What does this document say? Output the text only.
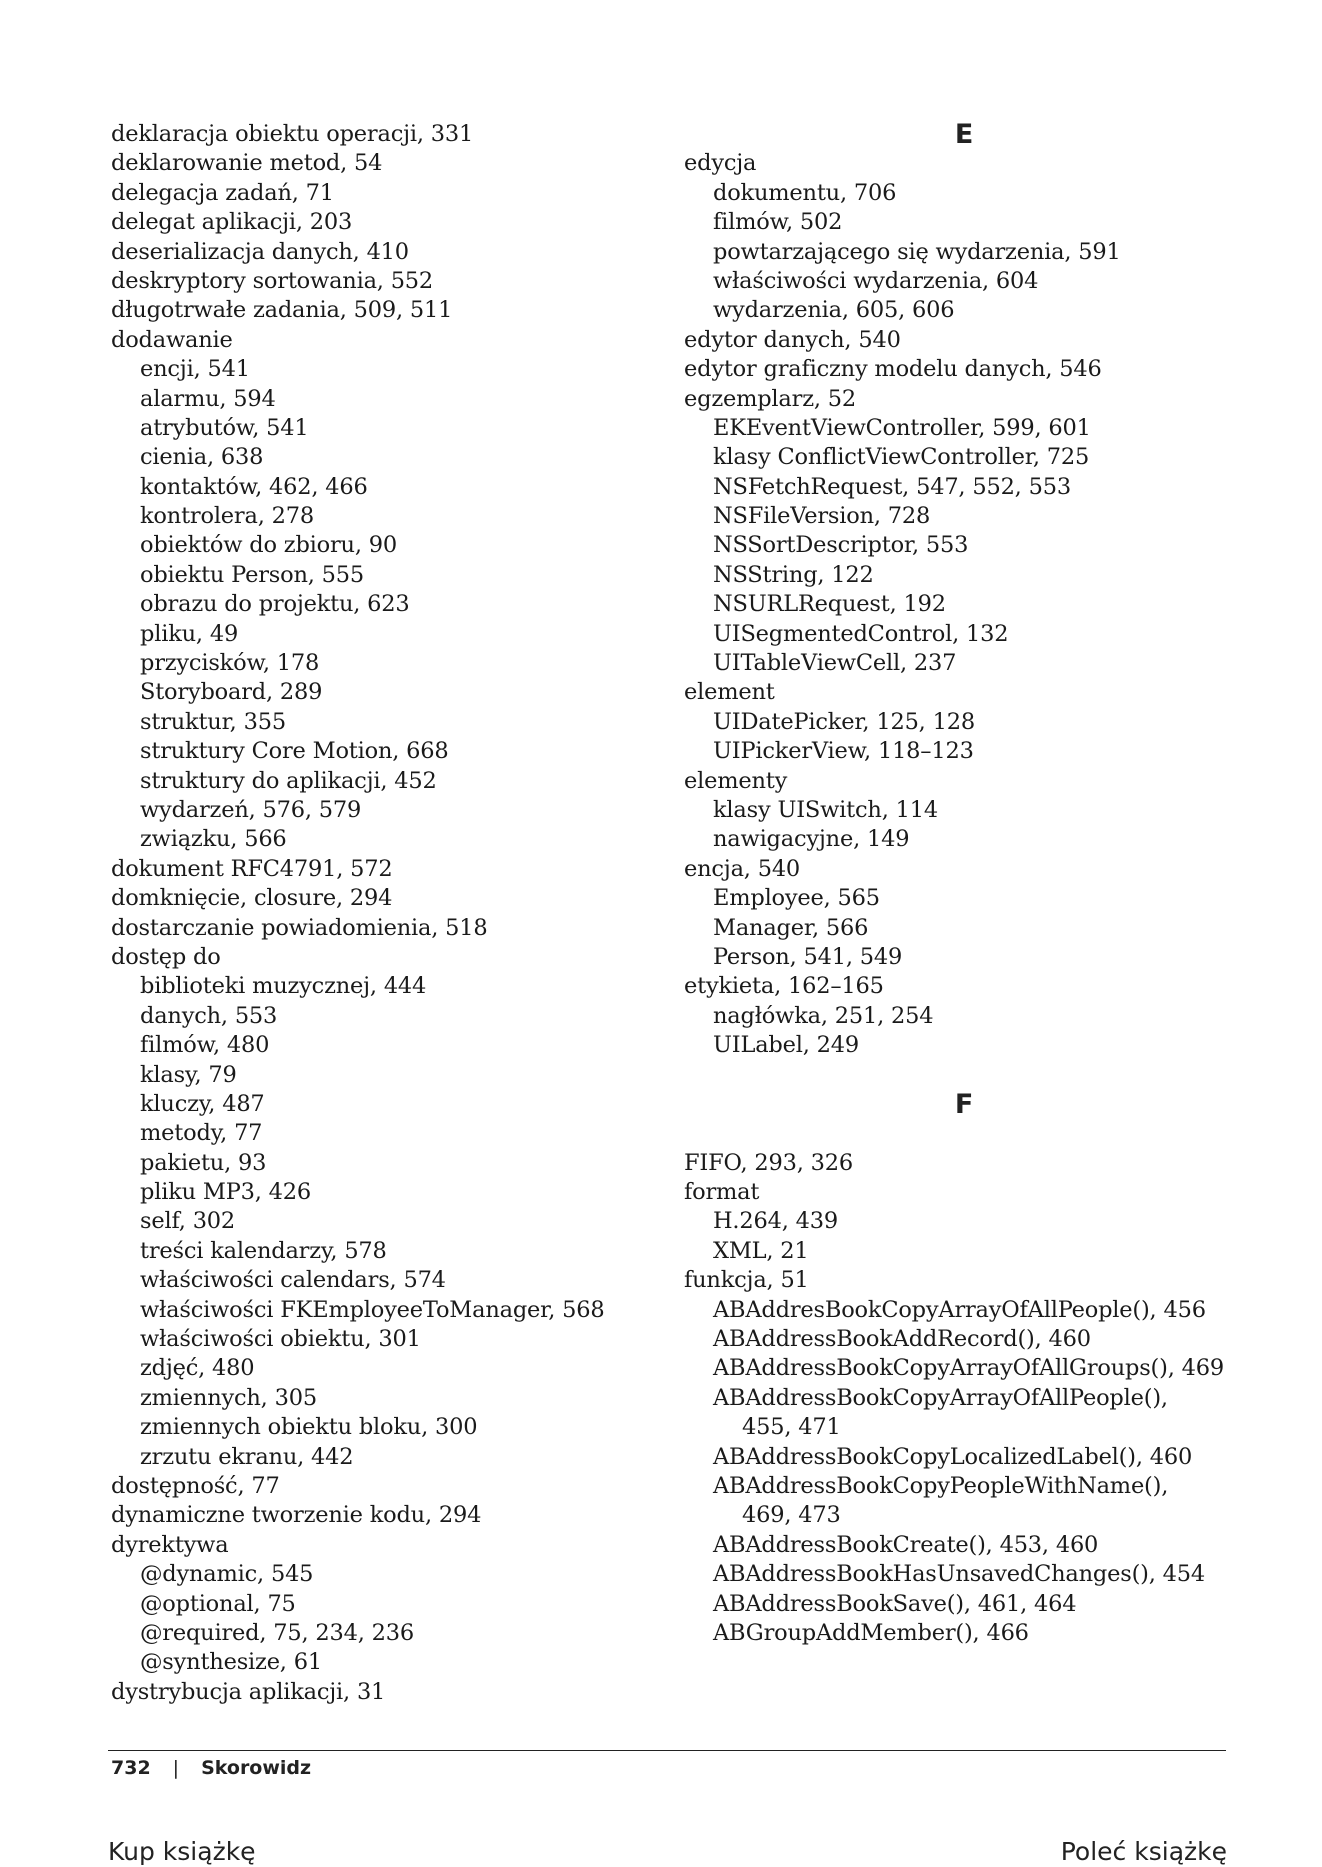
deklaracja obiektu operacji, 331
deklarowanie metod, 54
delegacja zadań, 71
delegat aplikacji, 203
deserializacja danych, 410
deskryptory sortowania, 552
długotrwałe zadania, 509, 511
dodawanie
encji, 541
alarmu, 594
atrybutów, 541
cienia, 638
kontaktów, 462, 466
kontrolera, 278
obiektów do zbioru, 90
obiektu Person, 555
obrazu do projektu, 623
pliku, 49
przycisków, 178
Storyboard, 289
struktur, 355
struktury Core Motion, 668
struktury do aplikacji, 452
wydarzeń, 576, 579
związku, 566
dokument RFC4791, 572
domknięcie, closure, 294
dostarczanie powiadomienia, 518
dostęp do
biblioteki muzycznej, 444
danych, 553
filmów, 480
klasy, 79
kluczy, 487
metody, 77
pakietu, 93
pliku MP3, 426
self, 302
treści kalendarzy, 578
właściwości calendars, 574
właściwości FKEmployeeToManager, 568
właściwości obiektu, 301
zdjęć, 480
zmiennych, 305
zmiennych obiektu bloku, 300
zrzutu ekranu, 442
dostępność, 77
dynamiczne tworzenie kodu, 294
dyrektywa
@dynamic, 545
@optional, 75
@required, 75, 234, 236
@synthesize, 61
dystrybucja aplikacji, 31
E
edycja
dokumentu, 706
filmów, 502
powtarzającego się wydarzenia, 591
właściwości wydarzenia, 604
wydarzenia, 605, 606
edytor danych, 540
edytor graficzny modelu danych, 546
egzemplarz, 52
EKEventViewController, 599, 601
klasy ConflictViewController, 725
NSFetchRequest, 547, 552, 553
NSFileVersion, 728
NSSortDescriptor, 553
NSString, 122
NSURLRequest, 192
UISegmentedControl, 132
UITableViewCell, 237
element
UIDatePicker, 125, 128
UIPickerView, 118–123
elementy
klasy UISwitch, 114
nawigacyjne, 149
encja, 540
Employee, 565
Manager, 566
Person, 541, 549
etykieta, 162–165
nagłówka, 251, 254
UILabel, 249
F
FIFO, 293, 326
format
H.264, 439
XML, 21
funkcja, 51
ABAddresBookCopyArrayOfAllPeople(), 456
ABAddressBookAddRecord(), 460
ABAddressBookCopyArrayOfAllGroups(), 469
ABAddressBookCopyArrayOfAllPeople(),
455, 471
ABAddressBookCopyLocalizedLabel(), 460
ABAddressBookCopyPeopleWithName(),
469, 473
ABAddressBookCreate(), 453, 460
ABAddressBookHasUnsavedChanges(), 454
ABAddressBookSave(), 461, 464
ABGroupAddMember(), 466
732 | Skorowidz
Kup książkę	Poleć książkę
